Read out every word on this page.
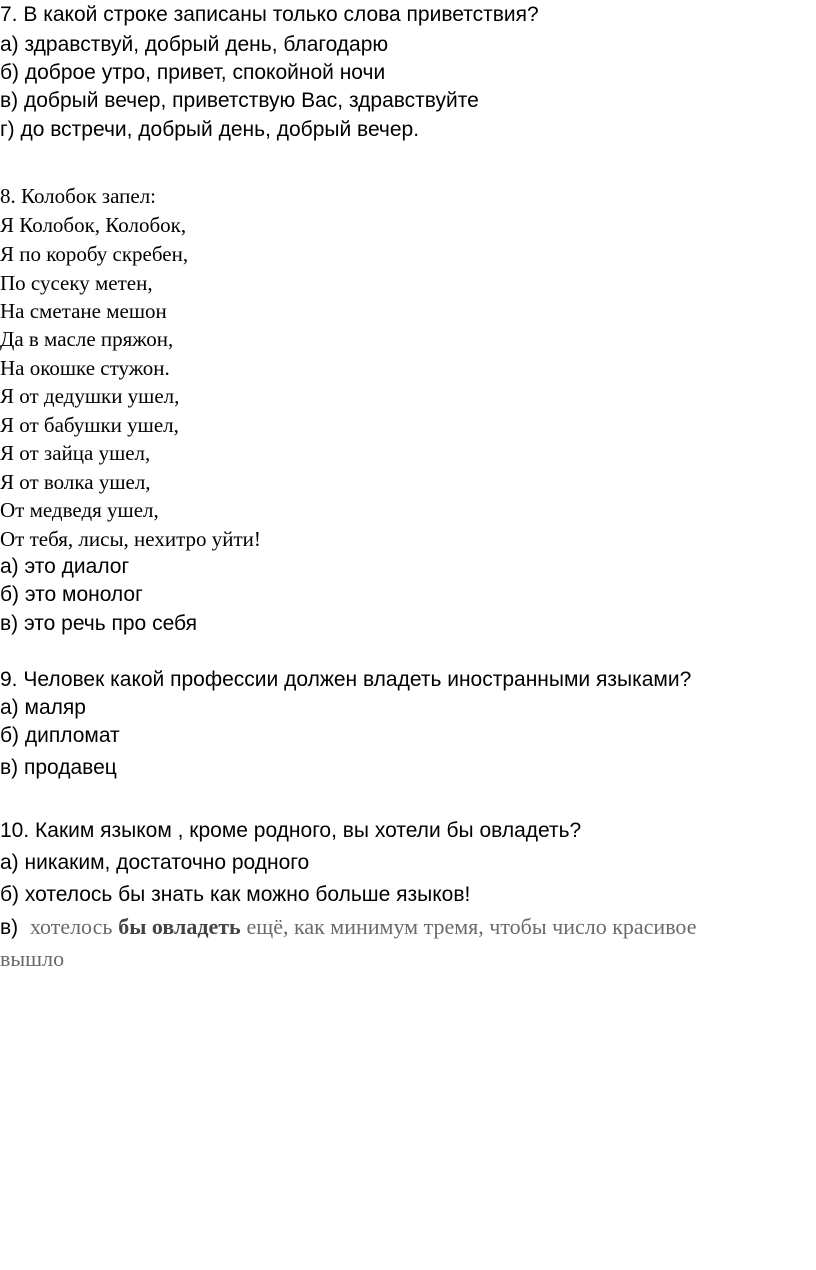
7. В какой строке записаны только слова приветствия?
а) здравствуй, добрый день, благодарю
б) доброе утро, привет, спокойной ночи
в) добрый вечер, приветствую Вас, здравствуйте
г) до встречи, добрый день, добрый вечер.
8. Колобок запел:
Я Колобок, Колобок,
Я по коробу скребен,
По сусеку метен,
На сметане мешон
Да в масле пряжон,
На окошке стужон.
Я от дедушки ушел,
Я от бабушки ушел,
Я от зайца ушел,
Я от волка ушел,
От медведя ушел,
От тебя, лисы, нехитро уйти!
а) это диалог
б) это монолог
в) это речь про себя
9. Человек какой профессии должен владеть иностранными языками?
а) маляр
б) дипломат
в) продавец
10. Каким языком , кроме родного, вы хотели бы овладеть?
а) никаким, достаточно родного
б) хотелось бы знать как можно больше языков!
в) хотелось бы овладеть ещё, как минимум тремя, чтобы число красивое
вышло
